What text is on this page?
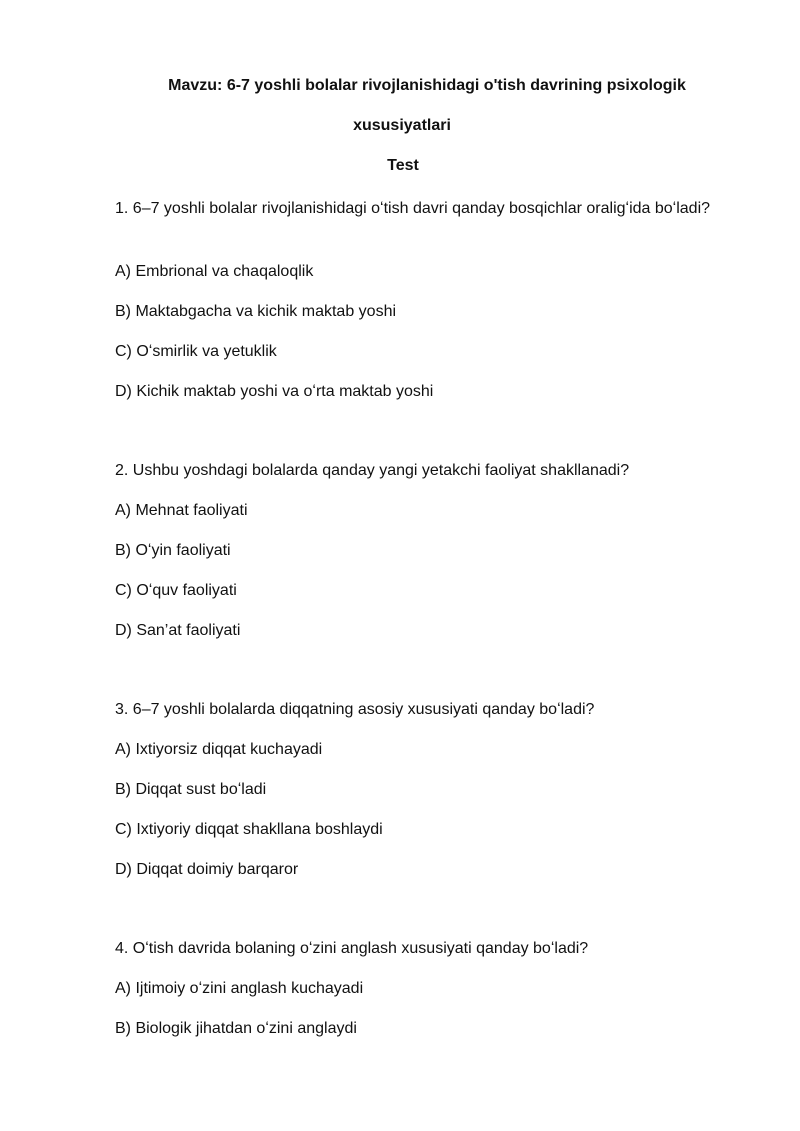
Mavzu: 6-7 yoshli bolalar rivojlanishidagi o'tish davrining psixologik
xususiyatlari
Test
1. 6–7 yoshli bolalar rivojlanishidagi oʻtish davri qanday bosqichlar oraligʻida boʻladi?
A) Embrional va chaqaloqlik
B) Maktabgacha va kichik maktab yoshi
C) Oʻsmirlik va yetuklik
D) Kichik maktab yoshi va oʻrta maktab yoshi
2. Ushbu yoshdagi bolalarda qanday yangi yetakchi faoliyat shakllanadi?
A) Mehnat faoliyati
B) Oʻyin faoliyati
C) Oʻquv faoliyati
D) San’at faoliyati
3. 6–7 yoshli bolalarda diqqatning asosiy xususiyati qanday boʻladi?
A) Ixtiyorsiz diqqat kuchayadi
B) Diqqat sust boʻladi
C) Ixtiyoriy diqqat shakllana boshlaydi
D) Diqqat doimiy barqaror
4. Oʻtish davrida bolaning oʻzini anglash xususiyati qanday boʻladi?
A) Ijtimoiy oʻzini anglash kuchayadi
B) Biologik jihatdan oʻzini anglaydi
